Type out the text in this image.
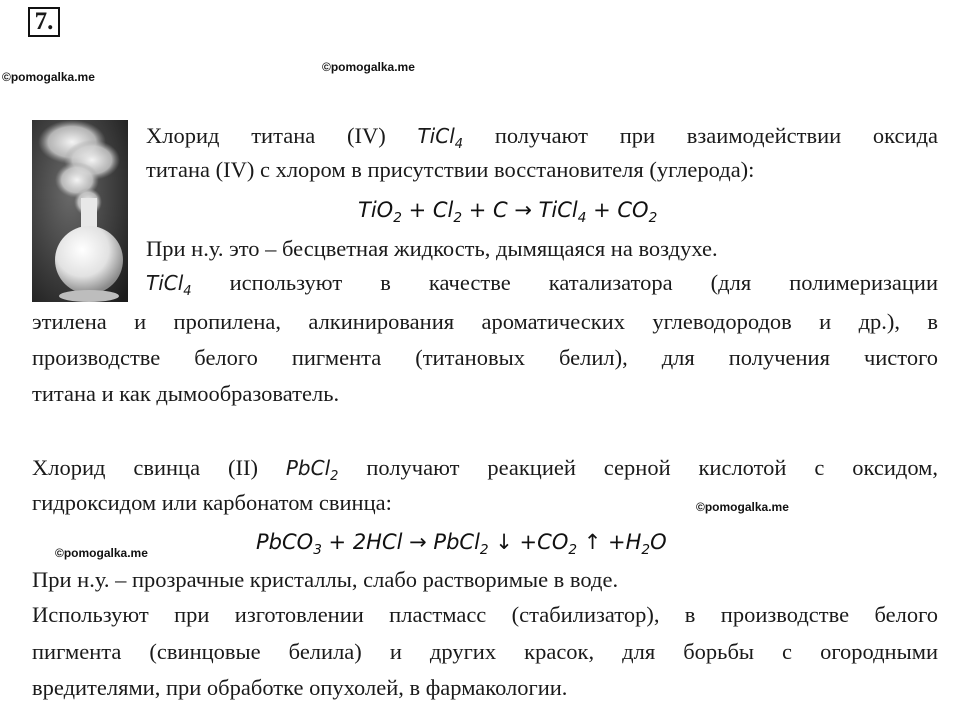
7.
©pomogalka.me
©pomogalka.me
©pomogalka.me
©pomogalka.me
Хлорид титана (IV) TiCl$_4$ получают при взаимодействии оксида
титана (IV) с хлором в присутствии восстановителя (углерода):
$TiO_2 + Cl_2 + C$ → TiCl$_4$ + $CO_2$
При н.у. это – бесцветная жидкость, дымящаяся на воздухе.
TiCl$_4$ используют в качестве катализатора (для полимеризации
этилена и пропилена, алкинирования ароматических углеводородов и др.), в
производстве белого пигмента (титановых белил), для получения чистого
титана и как дымообразователь.
Хлорид свинца (II) PbCl$_2$ получают реакцией серной кислотой с оксидом,
гидроксидом или карбонатом свинца:
PbCO$_3$ + 2HCl → PbCl$_2$ ↓ $+CO_2$ ↑ $+H_2O$
При н.у. – прозрачные кристаллы, слабо растворимые в воде.
Используют при изготовлении пластмасс (стабилизатор), в производстве белого
пигмента (свинцовые белила) и других красок, для борьбы с огородными
вредителями, при обработке опухолей, в фармакологии.
